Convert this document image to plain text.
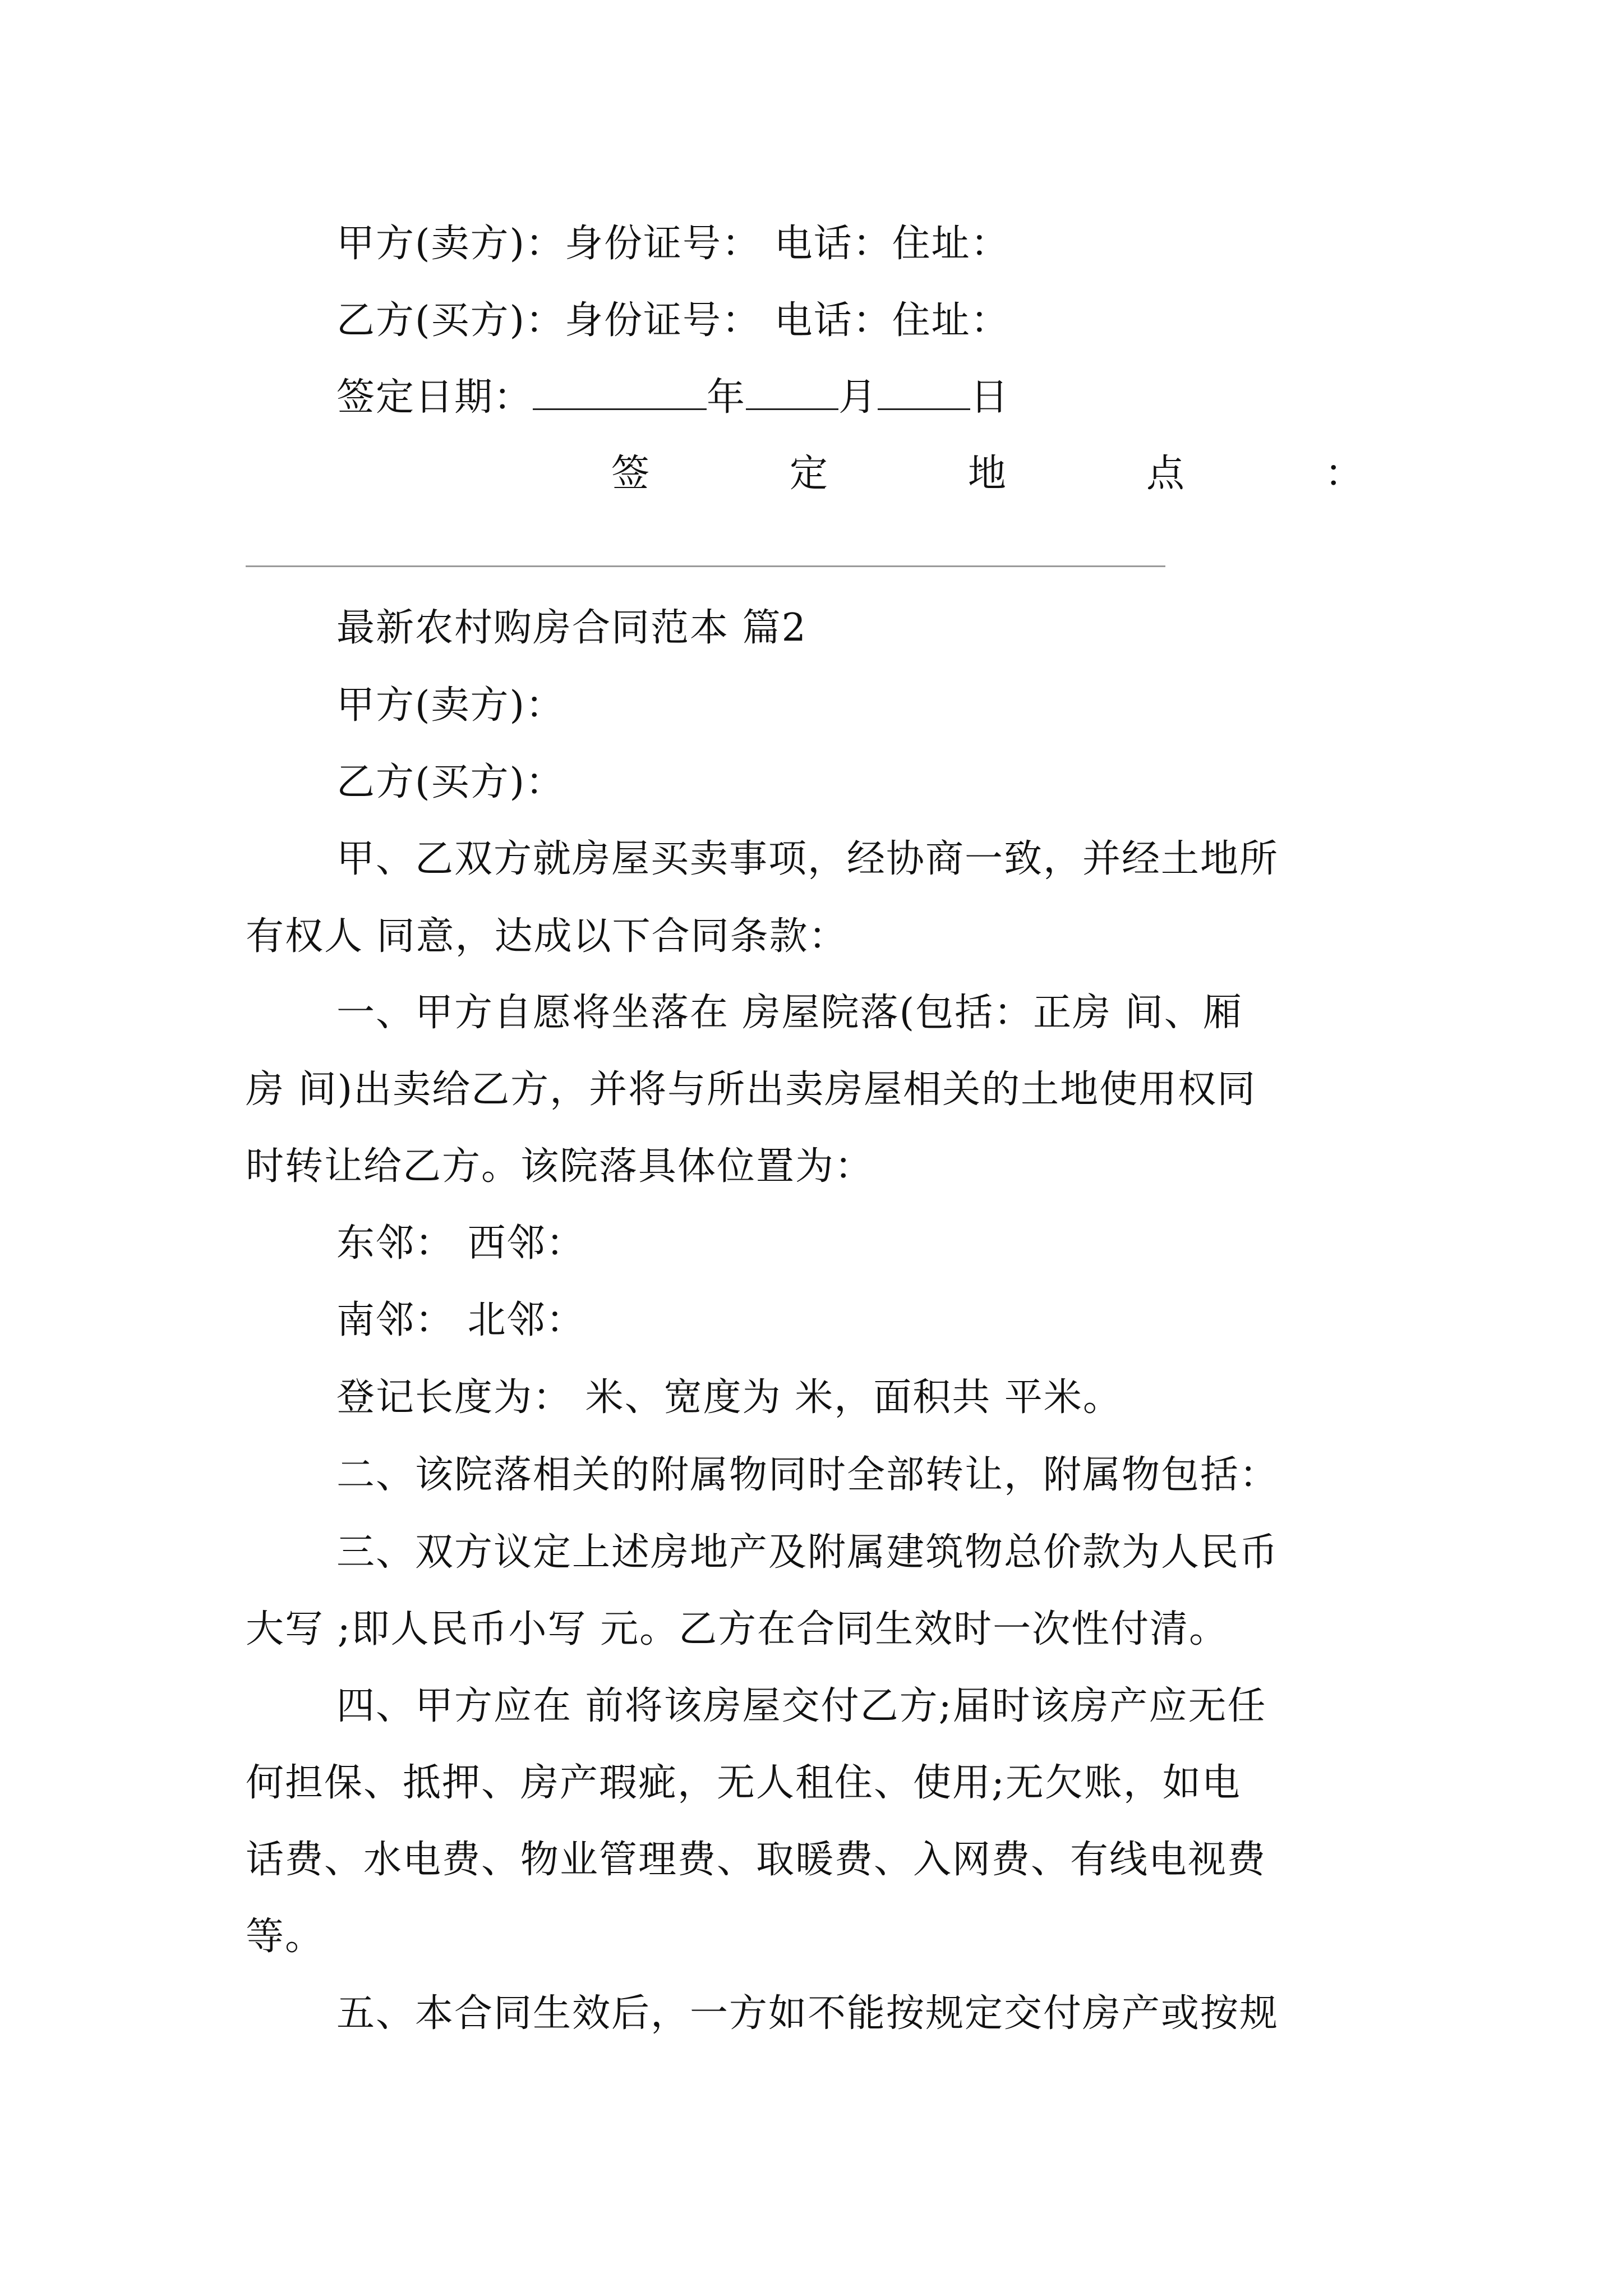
甲方(卖方)：身份证号： 电话：住址：
乙方(买方)：身份证号： 电话：住址：
签定日期：	年 月 日
签	定	地	点	：
最新农村购房合同范本 篇2
甲方(卖方)：
乙方(买方)：
甲、乙双方就房屋买卖事项，经协商一致，并经土地所
有权人 同意，达成以下合同条款：
一、甲方自愿将坐落在 房屋院落(包括：正房 间、厢
房 间)出卖给乙方，并将与所出卖房屋相关的土地使用权同
时转让给乙方。该院落具体位置为：
东邻： 西邻：
南邻： 北邻：
登记长度为： 米、宽度为 米，面积共 平米。
二、该院落相关的附属物同时全部转让，附属物包括：
三、双方议定上述房地产及附属建筑物总价款为人民币
大写 ;即人民币小写 元。乙方在合同生效时一次性付清。
四、甲方应在 前将该房屋交付乙方;届时该房产应无任
何担保、抵押、房产瑕疵，无人租住、使用;无欠账，如电
话费、水电费、物业管理费、取暖费、入网费、有线电视费
等。
五、本合同生效后，一方如不能按规定交付房产或按规
